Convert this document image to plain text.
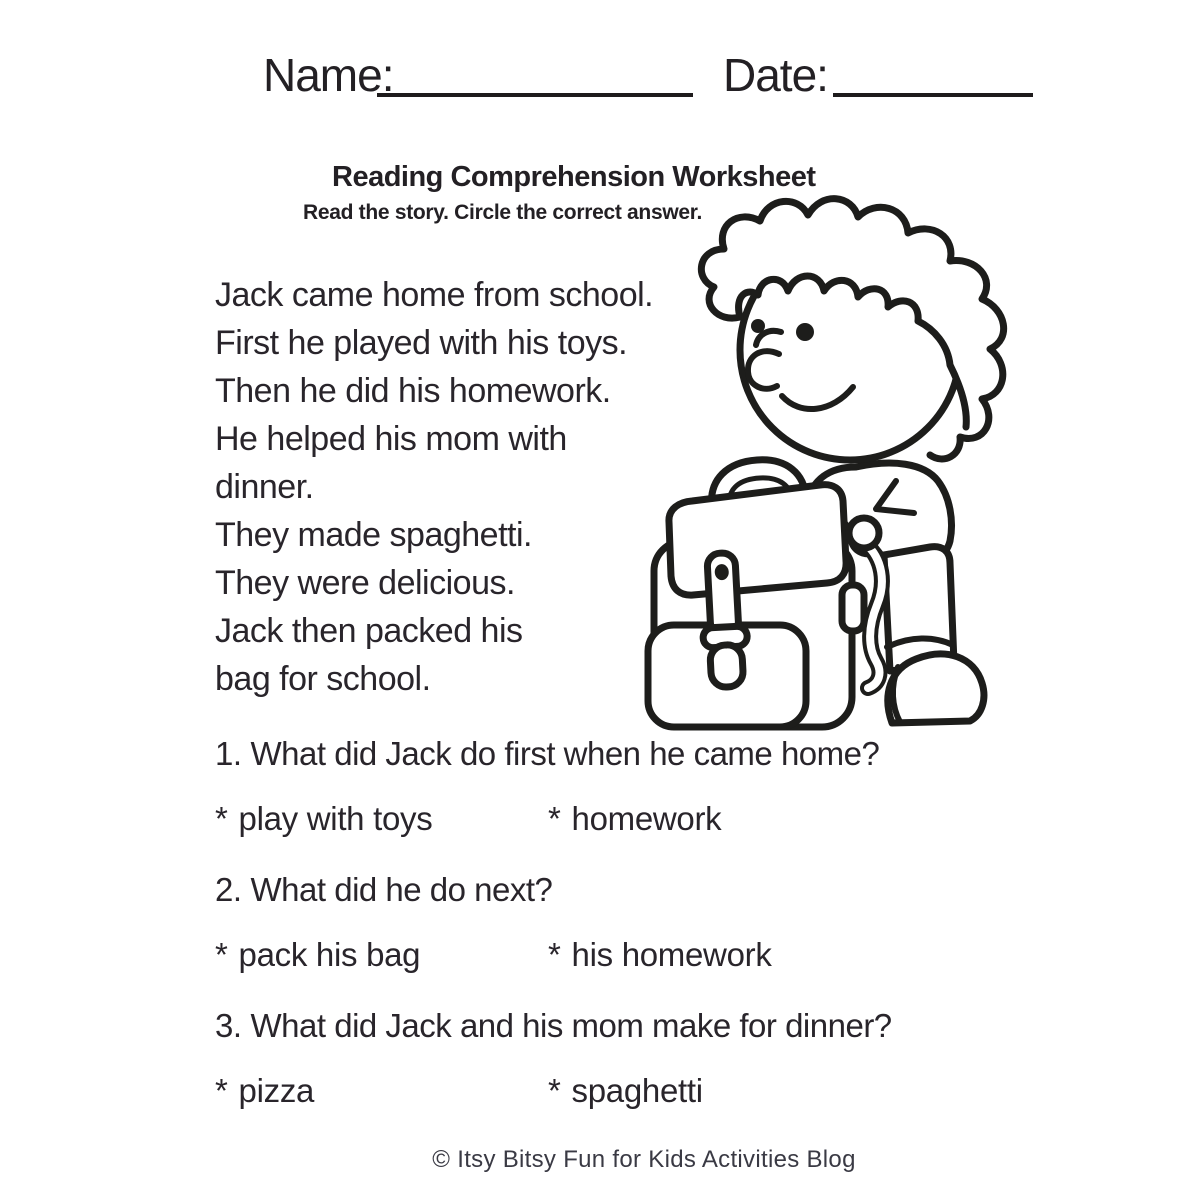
Name:	Date:
Reading Comprehension Worksheet
Read the story. Circle the correct answer.
Jack came home from school.
First he played with his toys.
Then he did his homework.
He helped his mom with
dinner.
They made spaghetti.
They were delicious.
Jack then packed his
bag for school.
1. What did Jack do first when he came home?
* play with toys	* homework
2. What did he do next?
* pack his bag	* his homework
3. What did Jack and his mom make for dinner?
* pizza	* spaghetti
© Itsy Bitsy Fun for Kids Activities Blog
